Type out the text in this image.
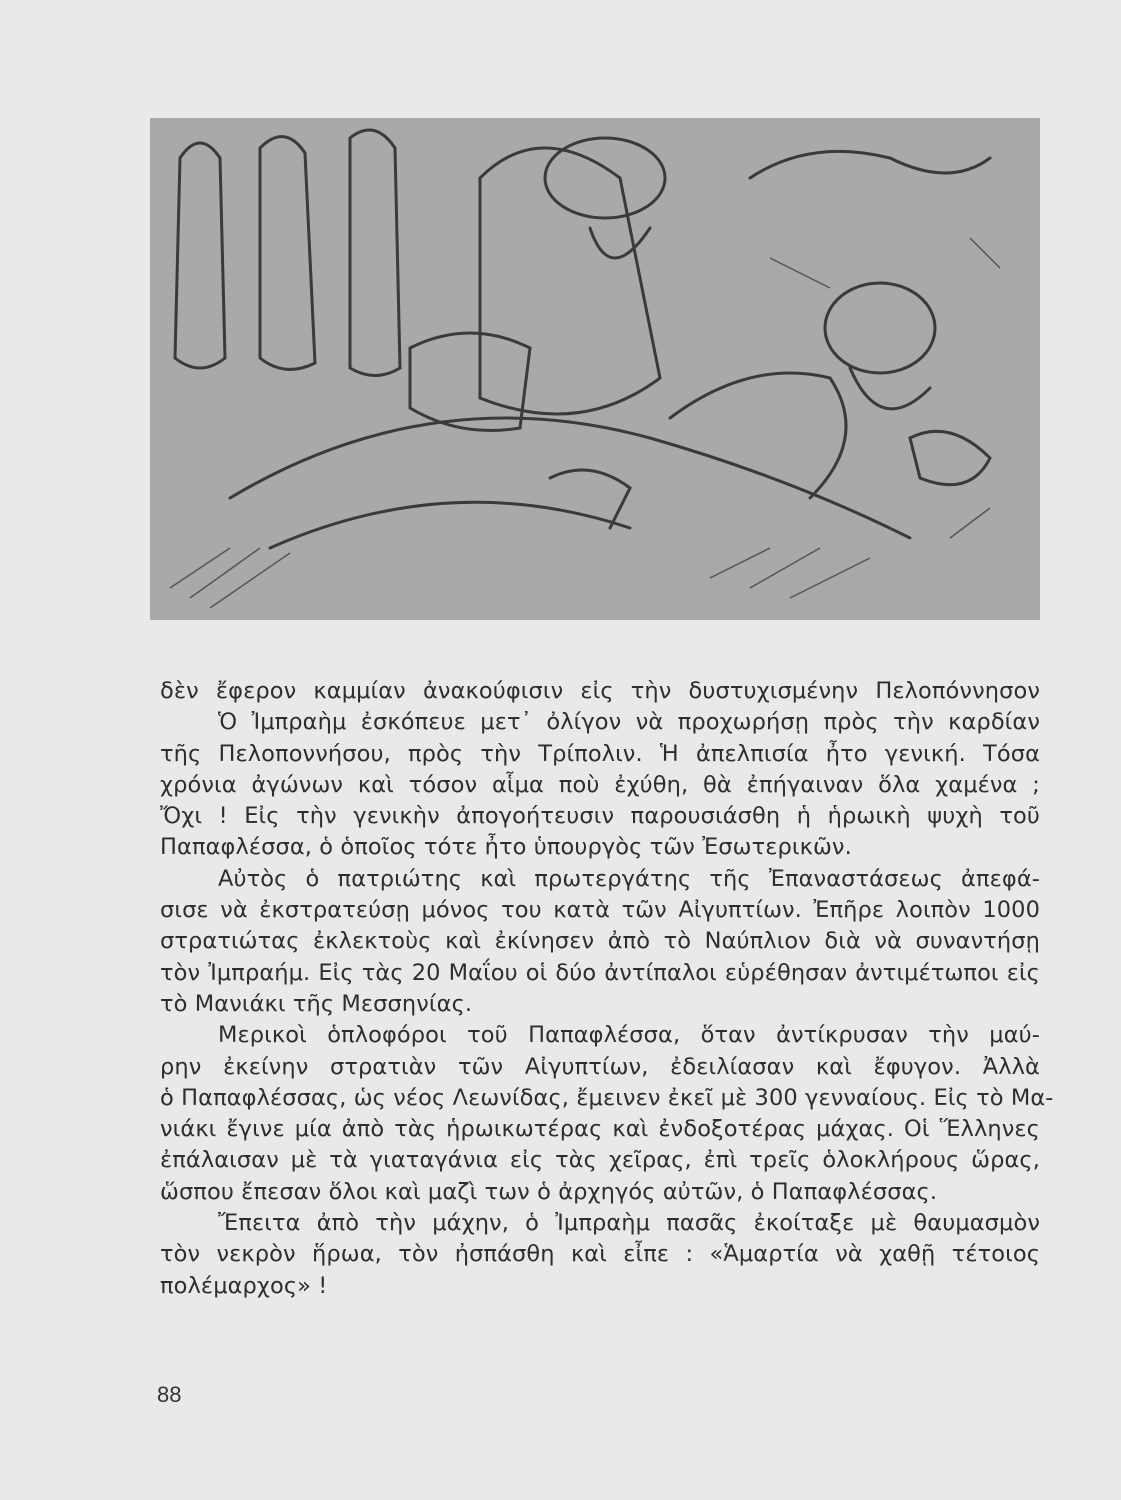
δὲν ἔφερον καμμίαν ἀνακούφισιν εἰς τὴν δυστυχισμένην Πελοπόννησον
Ὁ Ἰμπραὴμ ἐσκόπευε μετ᾽ ὀλίγον νὰ προχωρήσῃ πρὸς τὴν καρδίαν
τῆς Πελοποννήσου, πρὸς τὴν Τρίπολιν. Ἡ ἀπελπισία ἦτο γενική. Τόσα
χρόνια ἀγώνων καὶ τόσον αἷμα ποὺ ἐχύθη, θὰ ἐπήγαιναν ὅλα χαμένα ;
Ὄχι ! Εἰς τὴν γενικὴν ἀπογοήτευσιν παρουσιάσθη ἡ ἡρωικὴ ψυχὴ τοῦ
Παπαφλέσσα, ὁ ὁποῖος τότε ἦτο ὑπουργὸς τῶν Ἐσωτερικῶν.
Αὐτὸς ὁ πατριώτης καὶ πρωτεργάτης τῆς Ἐπαναστάσεως ἀπεφά-
σισε νὰ ἐκστρατεύσῃ μόνος του κατὰ τῶν Αἰγυπτίων. Ἐπῆρε λοιπὸν 1000
στρατιώτας ἐκλεκτοὺς καὶ ἐκίνησεν ἀπὸ τὸ Ναύπλιον διὰ νὰ συναντήσῃ
τὸν Ἰμπραήμ. Εἰς τὰς 20 Μαΐου οἱ δύο ἀντίπαλοι εὑρέθησαν ἀντιμέτωποι εἰς
τὸ Μανιάκι τῆς Μεσσηνίας.
Μερικοὶ ὁπλοφόροι τοῦ Παπαφλέσσα, ὅταν ἀντίκρυσαν τὴν μαύ-
ρην ἐκείνην στρατιὰν τῶν Αἰγυπτίων, ἐδειλίασαν καὶ ἔφυγον. Ἀλλὰ
ὁ Παπαφλέσσας, ὡς νέος Λεωνίδας, ἔμεινεν ἐκεῖ μὲ 300 γενναίους. Εἰς τὸ Μα-
νιάκι ἔγινε μία ἀπὸ τὰς ἡρωικωτέρας καὶ ἐνδοξοτέρας μάχας. Οἱ Ἕλληνες
ἐπάλαισαν μὲ τὰ γιαταγάνια εἰς τὰς χεῖρας, ἐπὶ τρεῖς ὁλοκλήρους ὥρας,
ὥσπου ἔπεσαν ὅλοι καὶ μαζὶ των ὁ ἀρχηγός αὐτῶν, ὁ Παπαφλέσσας.
Ἔπειτα ἀπὸ τὴν μάχην, ὁ Ἰμπραὴμ πασᾶς ἐκοίταξε μὲ θαυμασμὸν
τὸν νεκρὸν ἥρωα, τὸν ἠσπάσθη καὶ εἶπε : «Ἁμαρτία νὰ χαθῇ τέτοιος
πολέμαρχος» !
88
